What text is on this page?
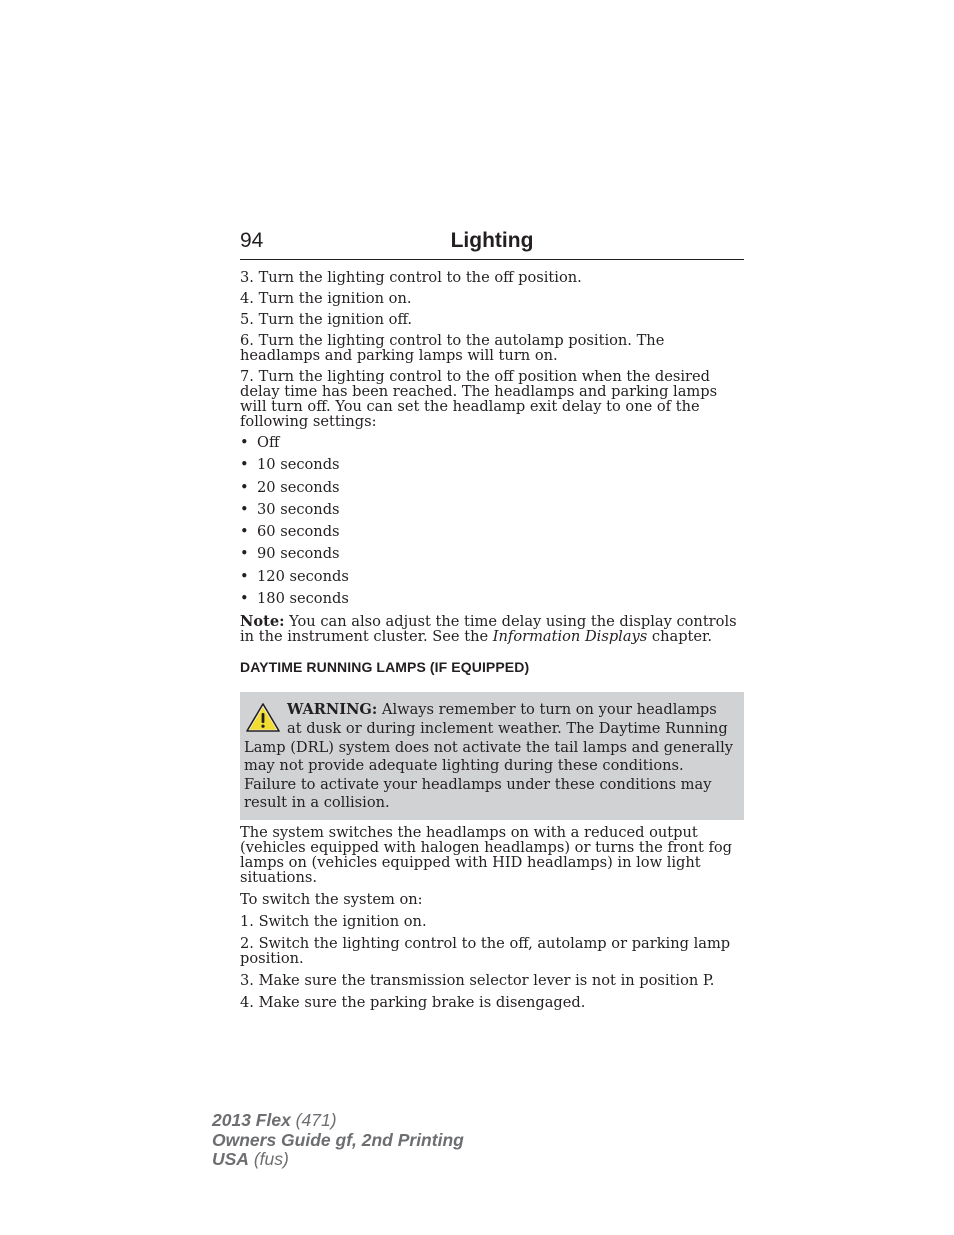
94	Lighting

3. Turn the lighting control to the off position.

4. Turn the ignition on.

5. Turn the ignition off.

6. Turn the lighting control to the autolamp position. The headlamps and parking lamps will turn on.

7. Turn the lighting control to the off position when the desired delay time has been reached. The headlamps and parking lamps will turn off. You can set the headlamp exit delay to one of the following settings:

• Off
• 10 seconds
• 20 seconds
• 30 seconds
• 60 seconds
• 90 seconds
• 120 seconds
• 180 seconds

Note: You can also adjust the time delay using the display controls in the instrument cluster. See the Information Displays chapter.

DAYTIME RUNNING LAMPS (IF EQUIPPED)
WARNING: Always remember to turn on your headlamps at dusk or during inclement weather. The Daytime Running Lamp (DRL) system does not activate the tail lamps and generally may not provide adequate lighting during these conditions. Failure to activate your headlamps under these conditions may result in a collision.

The system switches the headlamps on with a reduced output (vehicles equipped with halogen headlamps) or turns the front fog lamps on (vehicles equipped with HID headlamps) in low light situations.

To switch the system on:

1. Switch the ignition on.

2. Switch the lighting control to the off, autolamp or parking lamp position.

3. Make sure the transmission selector lever is not in position P.

4. Make sure the parking brake is disengaged.

2013 Flex (471)
Owners Guide gf, 2nd Printing
USA (fus)
